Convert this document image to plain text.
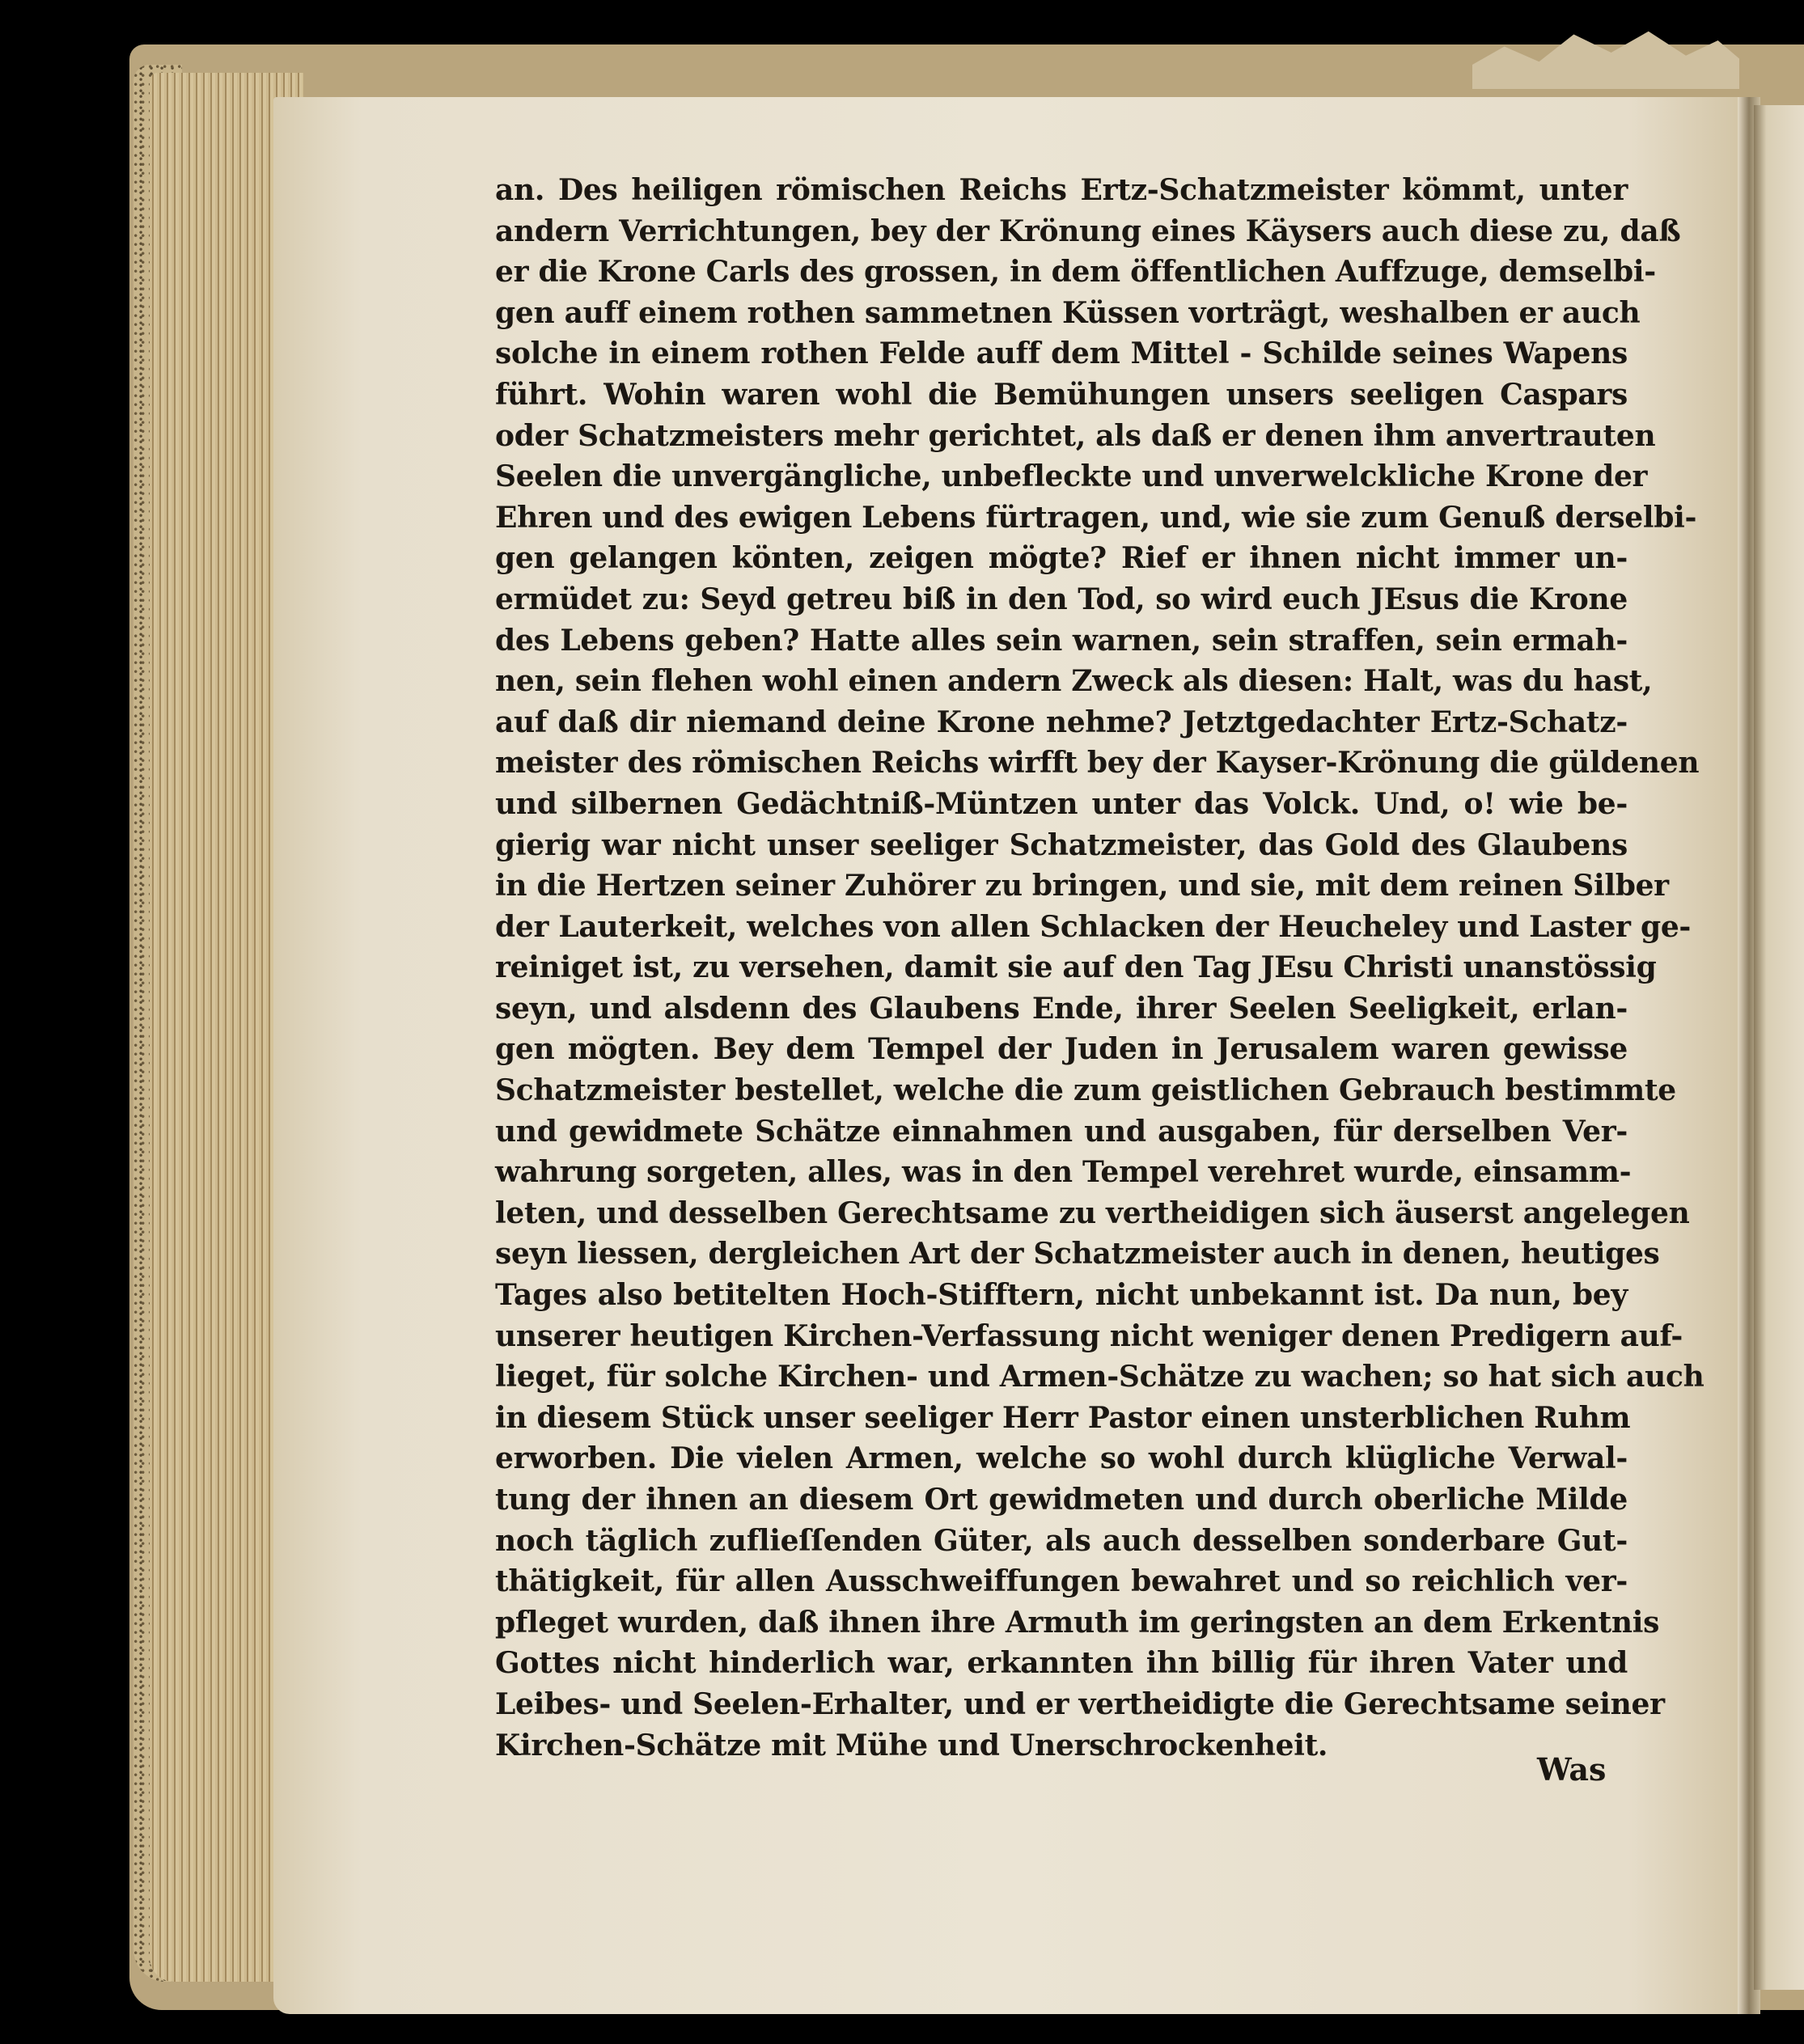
an. Des heiligen römischen Reichs Ertz-Schatzmeister kömmt, unter
andern Verrichtungen, bey der Krönung eines Käysers auch diese zu, daß
er die Krone Carls des grossen, in dem öffentlichen Auffzuge, demselbi-
gen auff einem rothen sammetnen Küssen vorträgt, weshalben er auch
solche in einem rothen Felde auff dem Mittel - Schilde seines Wapens
führt. Wohin waren wohl die Bemühungen unsers seeligen Caspars
oder Schatzmeisters mehr gerichtet, als daß er denen ihm anvertrauten
Seelen die unvergängliche, unbefleckte und unverwelckliche Krone der
Ehren und des ewigen Lebens fürtragen, und, wie sie zum Genuß derselbi-
gen gelangen könten, zeigen mögte? Rief er ihnen nicht immer un-
ermüdet zu: Seyd getreu biß in den Tod, so wird euch JEsus die Krone
des Lebens geben? Hatte alles sein warnen, sein straffen, sein ermah-
nen, sein flehen wohl einen andern Zweck als diesen: Halt, was du hast,
auf daß dir niemand deine Krone nehme? Jetztgedachter Ertz-Schatz-
meister des römischen Reichs wirfft bey der Kayser-Krönung die güldenen
und silbernen Gedächtniß-Müntzen unter das Volck. Und, o! wie be-
gierig war nicht unser seeliger Schatzmeister, das Gold des Glaubens
in die Hertzen seiner Zuhörer zu bringen, und sie, mit dem reinen Silber
der Lauterkeit, welches von allen Schlacken der Heucheley und Laster ge-
reiniget ist, zu versehen, damit sie auf den Tag JEsu Christi unanstössig
seyn, und alsdenn des Glaubens Ende, ihrer Seelen Seeligkeit, erlan-
gen mögten. Bey dem Tempel der Juden in Jerusalem waren gewisse
Schatzmeister bestellet, welche die zum geistlichen Gebrauch bestimmte
und gewidmete Schätze einnahmen und ausgaben, für derselben Ver-
wahrung sorgeten, alles, was in den Tempel verehret wurde, einsamm-
leten, und desselben Gerechtsame zu vertheidigen sich äuserst angelegen
seyn liessen, dergleichen Art der Schatzmeister auch in denen, heutiges
Tages also betitelten Hoch-Stifftern, nicht unbekannt ist. Da nun, bey
unserer heutigen Kirchen-Verfassung nicht weniger denen Predigern auf-
lieget, für solche Kirchen- und Armen-Schätze zu wachen; so hat sich auch
in diesem Stück unser seeliger Herr Pastor einen unsterblichen Ruhm
erworben. Die vielen Armen, welche so wohl durch klügliche Verwal-
tung der ihnen an diesem Ort gewidmeten und durch oberliche Milde
noch täglich zuflieſſenden Güter, als auch desselben sonderbare Gut-
thätigkeit, für allen Ausschweiffungen bewahret und so reichlich ver-
pfleget wurden, daß ihnen ihre Armuth im geringsten an dem Erkentnis
Gottes nicht hinderlich war, erkannten ihn billig für ihren Vater und
Leibes- und Seelen-Erhalter, und er vertheidigte die Gerechtsame seiner
Kirchen-Schätze mit Mühe und Unerschrockenheit.
Was
